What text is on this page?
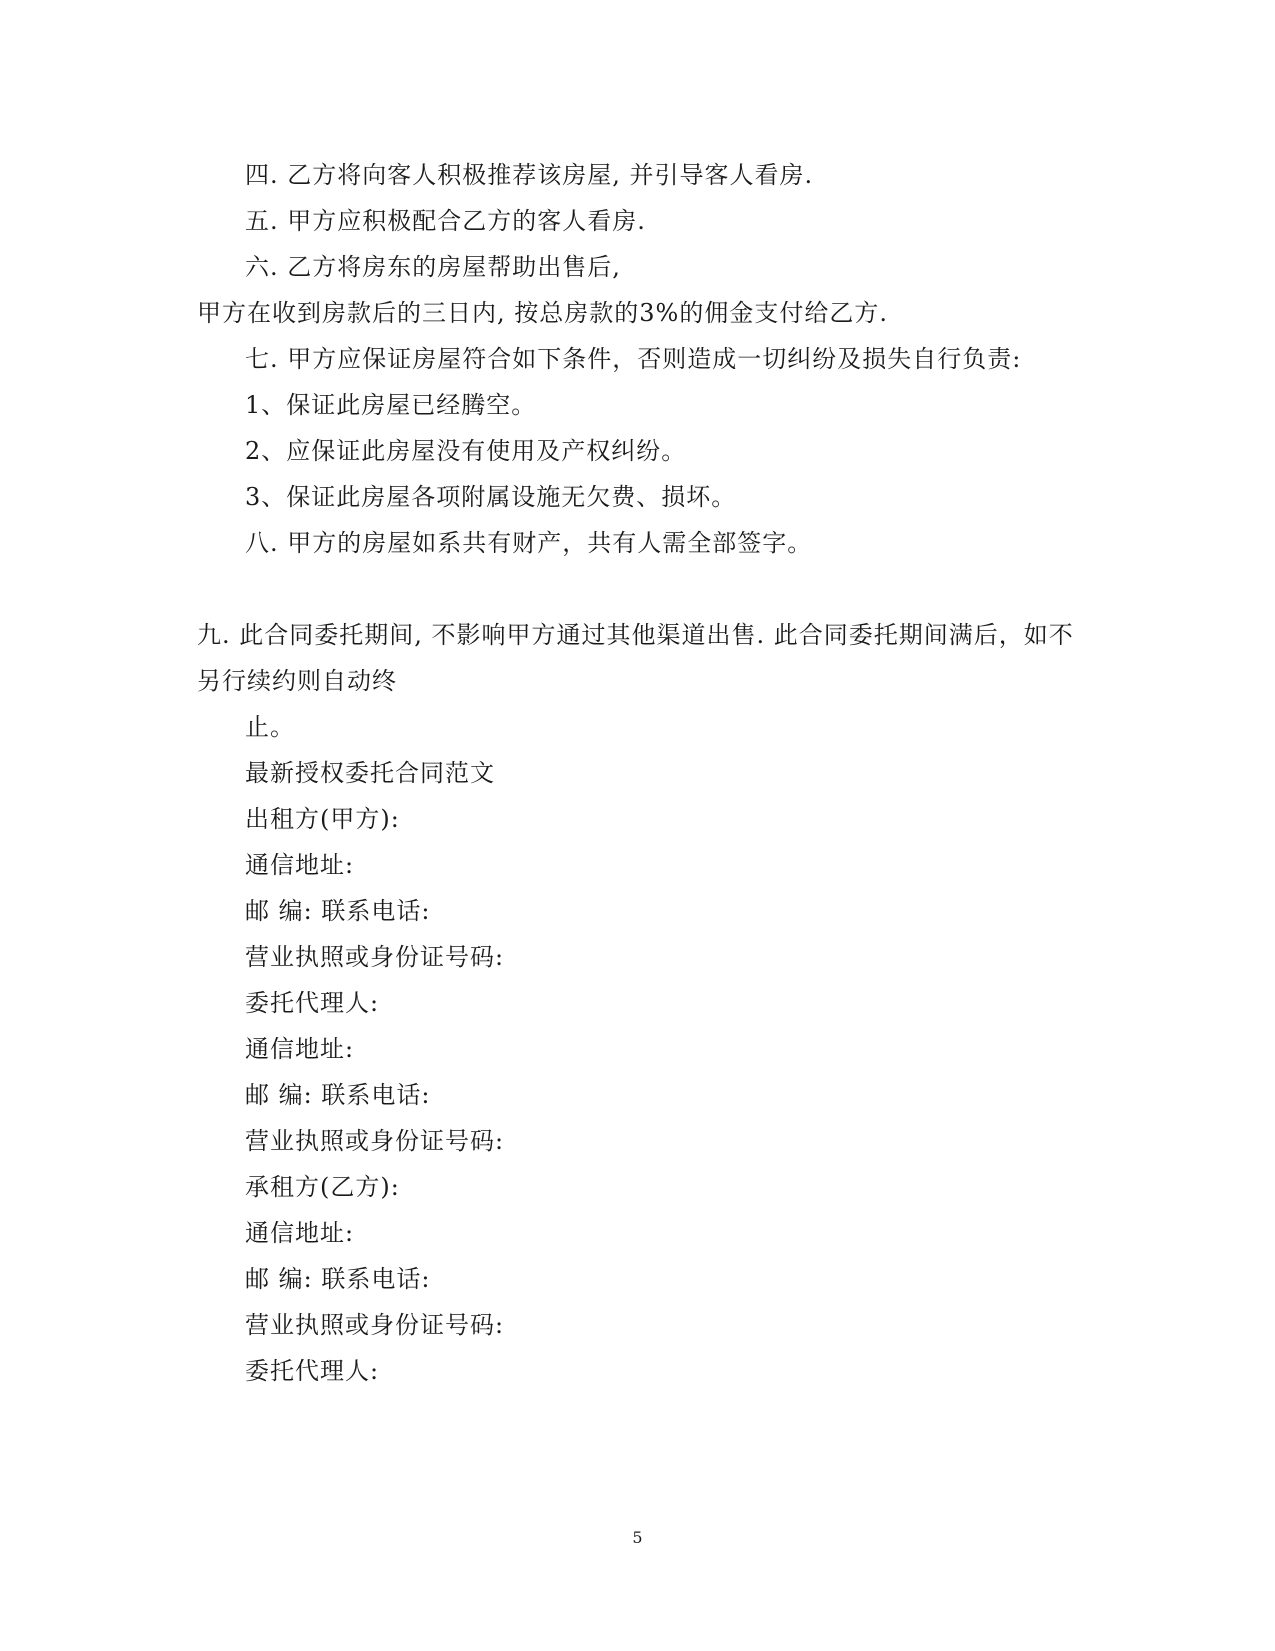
四. 乙方将向客人积极推荐该房屋, 并引导客人看房.
五. 甲方应积极配合乙方的客人看房.
六. 乙方将房东的房屋帮助出售后,
甲方在收到房款后的三日内, 按总房款的3%的佣金支付给乙方.
七. 甲方应保证房屋符合如下条件，否则造成一切纠纷及损失自行负责:
1、保证此房屋已经腾空。
2、应保证此房屋没有使用及产权纠纷。
3、保证此房屋各项附属设施无欠费、损坏。
八. 甲方的房屋如系共有财产，共有人需全部签字。
九. 此合同委托期间, 不影响甲方通过其他渠道出售. 此合同委托期间满后，如不
另行续约则自动终
止。
最新授权委托合同范文
出租方(甲方):
通信地址:
邮 编: 联系电话:
营业执照或身份证号码:
委托代理人:
通信地址:
邮 编: 联系电话:
营业执照或身份证号码:
承租方(乙方):
通信地址:
邮 编: 联系电话:
营业执照或身份证号码:
委托代理人:
5
